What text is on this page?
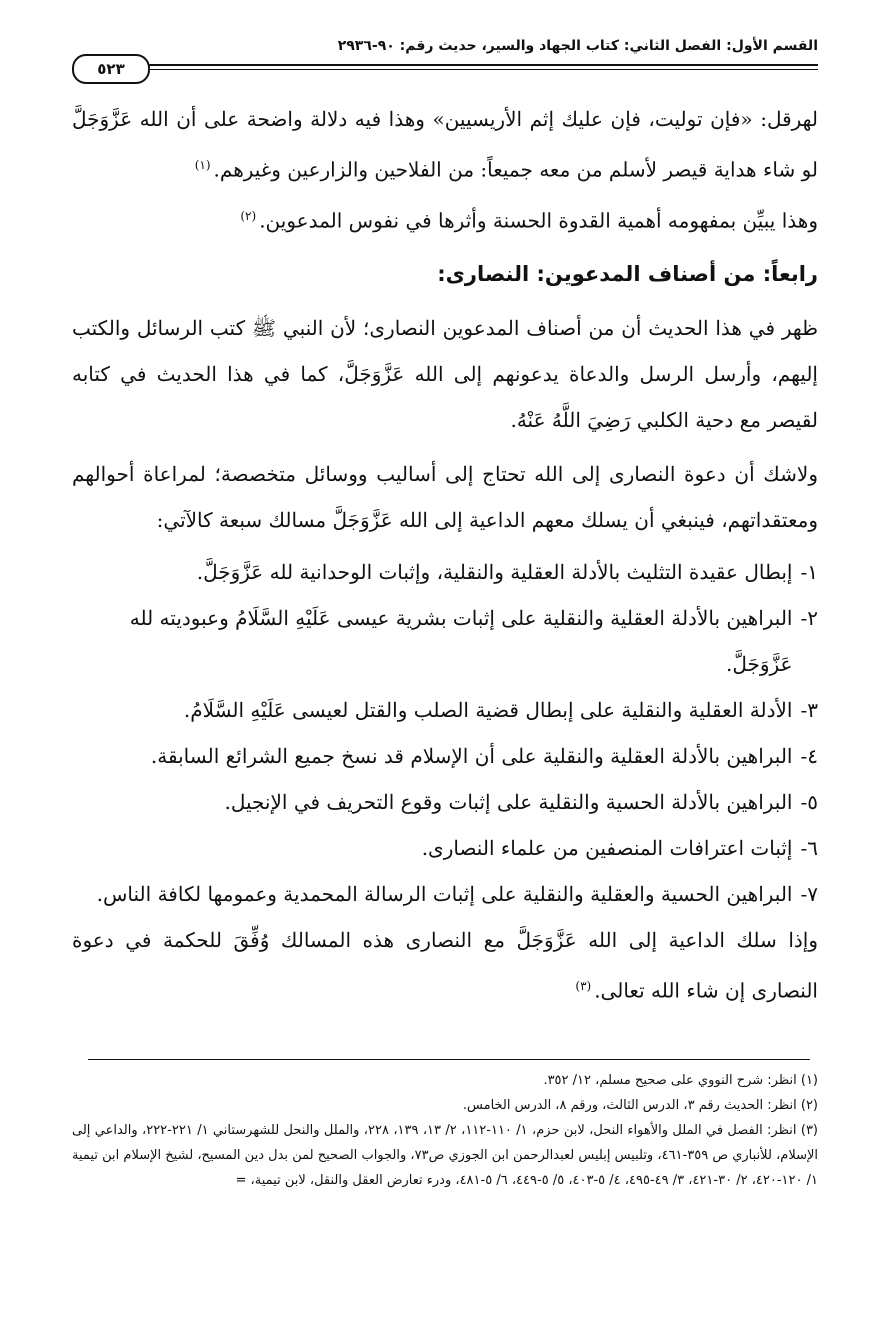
القسم الأول: الفصل الثاني: كتاب الجهاد والسير، حديث رقم: ٩٠-٢٩٣٦
٥٢٣

لهرقل: «فإن توليت، فإن عليك إثم الأريسيين» وهذا فيه دلالة واضحة على أن الله عَزَّوَجَلَّ لو شاء هداية قيصر لأسلم من معه جميعاً: من الفلاحين والزارعين وغيرهم.$^{(١)}$

وهذا يبيِّن بمفهومه أهمية القدوة الحسنة وأثرها في نفوس المدعوين.$^{(٢)}$

رابعاً: من أصناف المدعوين: النصارى:

ظهر في هذا الحديث أن من أصناف المدعوين النصارى؛ لأن النبي ﷺ كتب الرسائل والكتب إليهم، وأرسل الرسل والدعاة يدعونهم إلى الله عَزَّوَجَلَّ، كما في هذا الحديث في كتابه لقيصر مع دحية الكلبي رَضِيَ اللَّهُ عَنْهُ.

ولاشك أن دعوة النصارى إلى الله تحتاج إلى أساليب ووسائل متخصصة؛ لمراعاة أحوالهم ومعتقداتهم، فينبغي أن يسلك معهم الداعية إلى الله عَزَّوَجَلَّ مسالك سبعة كالآتي:

١-
إبطال عقيدة التثليث بالأدلة العقلية والنقلية، وإثبات الوحدانية لله عَزَّوَجَلَّ.
٢-
البراهين بالأدلة العقلية والنقلية على إثبات بشرية عيسى عَلَيْهِ السَّلَامُ وعبوديته لله عَزَّوَجَلَّ.
٣-
الأدلة العقلية والنقلية على إبطال قضية الصلب والقتل لعيسى عَلَيْهِ السَّلَامُ.
٤-
البراهين بالأدلة العقلية والنقلية على أن الإسلام قد نسخ جميع الشرائع السابقة.
٥-
البراهين بالأدلة الحسية والنقلية على إثبات وقوع التحريف في الإنجيل.
٦-
إثبات اعترافات المنصفين من علماء النصارى.
٧-
البراهين الحسية والعقلية والنقلية على إثبات الرسالة المحمدية وعمومها لكافة الناس.

وإذا سلك الداعية إلى الله عَزَّوَجَلَّ مع النصارى هذه المسالك وُفِّقَ للحكمة في دعوة النصارى إن شاء الله تعالى.$^{(٣)}$

(١) انظر: شرح النووي على صحيح مسلم، ١٢/ ٣٥٢.

(٢) انظر: الحديث رقم ٣، الدرس الثالث، ورقم ٨، الدرس الخامس.

(٣) انظر: الفصل في الملل والأهواء النحل، لابن حزم، ١/ ١١٠-١١٢، ٢/ ١٣، ١٣٩، ٢٢٨، والملل والنحل للشهرستاني ١/ ٢٢١-٢٢٢، والداعي إلى الإسلام، للأنباري ص ٣٥٩-٤٦١، وتلبيس إبليس لعبدالرحمن ابن الجوزي ص٧٣، والجواب الصحيح لمن بدل دين المسيح، لشيخ الإسلام ابن تيمية ١/ ١٢٠-٤٢٠، ٢/ ٣٠-٤٢١، ٣/ ٤٩-٤٩٥، ٤/ ٥-٤٠٣، ٥/ ٥-٤٤٩، ٦/ ٥-٤٨١، ودرء تعارض العقل والنقل، لابن تيمية، =
